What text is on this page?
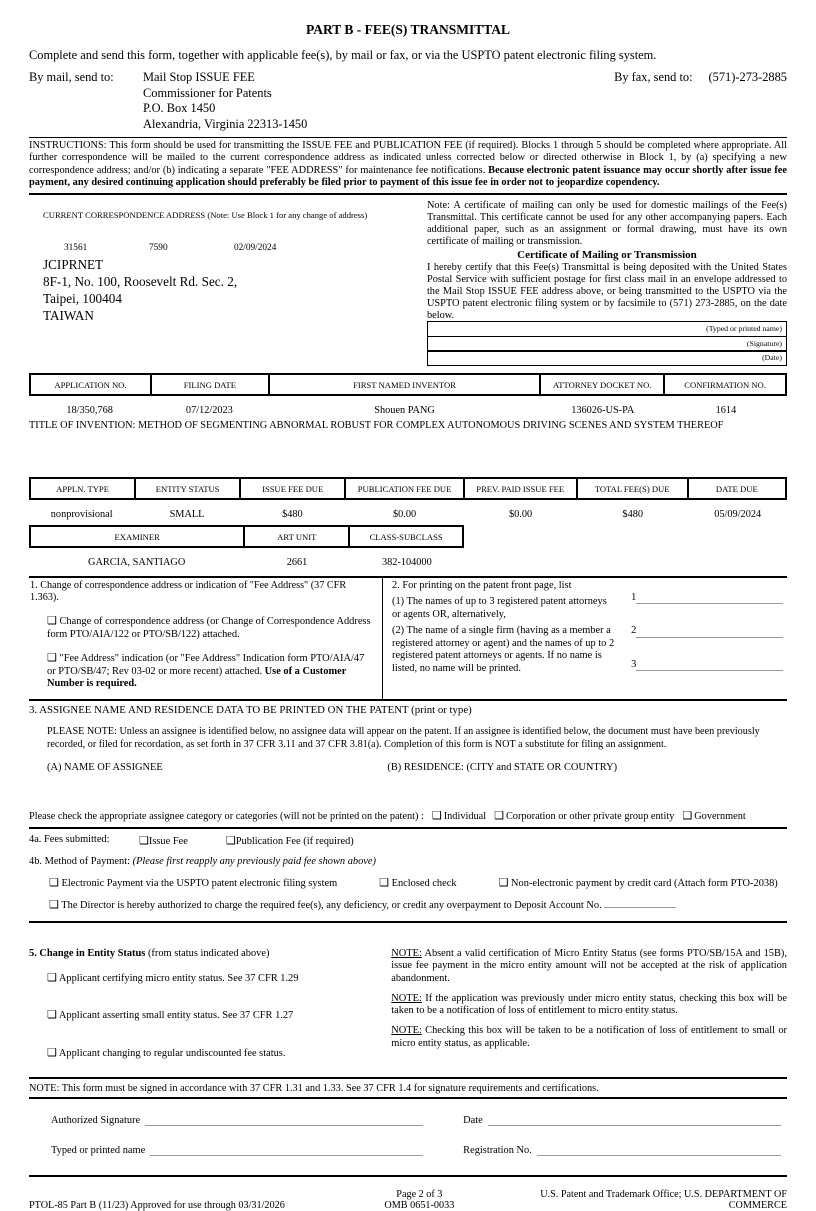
PART B - FEE(S) TRANSMITTAL
Complete and send this form, together with applicable fee(s), by mail or fax, or via the USPTO patent electronic filing system.
By mail, send to:	Mail Stop ISSUE FEE
Commissioner for Patents
P.O. Box 1450
Alexandria, Virginia 22313-1450
By fax, send to: (571)-273-2885
INSTRUCTIONS: This form should be used for transmitting the ISSUE FEE and PUBLICATION FEE (if required). Blocks 1 through 5 should be completed where appropriate. All further correspondence will be mailed to the current correspondence address as indicated unless corrected below or directed otherwise in Block 1, by (a) specifying a new correspondence address; and/or (b) indicating a separate "FEE ADDRESS" for maintenance fee notifications. Because electronic patent issuance may occur shortly after issue fee payment, any desired continuing application should preferably be filed prior to payment of this issue fee in order not to jeopardize copendency.
CURRENT CORRESPONDENCE ADDRESS (Note: Use Block 1 for any change of address)
31561	7590	02/09/2024
JCIPRNET
8F-1, No. 100, Roosevelt Rd. Sec. 2,
Taipei, 100404
TAIWAN
Note: A certificate of mailing can only be used for domestic mailings of the Fee(s) Transmittal. This certificate cannot be used for any other accompanying papers. Each additional paper, such as an assignment or formal drawing, must have its own certificate of mailing or transmission.
Certificate of Mailing or Transmission
I hereby certify that this Fee(s) Transmittal is being deposited with the United States Postal Service with sufficient postage for first class mail in an envelope addressed to the Mail Stop ISSUE FEE address above, or being transmitted to the USPTO via the USPTO patent electronic filing system or by facsimile to (571) 273-2885, on the date below.
(Typed or printed name)
(Signature)
(Date)
APPLICATION NO.	FILING DATE	FIRST NAMED INVENTOR	ATTORNEY DOCKET NO.	CONFIRMATION NO.
18/350,768	07/12/2023	Shouen PANG	136026-US-PA	1614
TITLE OF INVENTION: METHOD OF SEGMENTING ABNORMAL ROBUST FOR COMPLEX AUTONOMOUS DRIVING SCENES AND SYSTEM THEREOF
APPLN. TYPE	ENTITY STATUS	ISSUE FEE DUE	PUBLICATION FEE DUE	PREV. PAID ISSUE FEE	TOTAL FEE(S) DUE	DATE DUE
nonprovisional	SMALL	$480	$0.00	$0.00	$480	05/09/2024
EXAMINER	ART UNIT	CLASS-SUBCLASS
GARCIA, SANTIAGO	2661	382-104000
1. Change of correspondence address or indication of "Fee Address" (37 CFR 1.363).
❑ Change of correspondence address (or Change of Correspondence Address form PTO/AIA/122 or PTO/SB/122) attached.
❑ "Fee Address" indication (or "Fee Address" Indication form PTO/AIA/47 or PTO/SB/47; Rev 03-02 or more recent) attached. Use of a Customer Number is required.
2. For printing on the patent front page, list

(1) The names of up to 3 registered patent attorneys or agents OR, alternatively,

(2) The name of a single firm (having as a member a registered attorney or agent) and the names of up to 2 registered patent attorneys or agents. If no name is listed, no name will be printed.

1
2
3
3. ASSIGNEE NAME AND RESIDENCE DATA TO BE PRINTED ON THE PATENT (print or type)
PLEASE NOTE: Unless an assignee is identified below, no assignee data will appear on the patent. If an assignee is identified below, the document must have been previously recorded, or filed for recordation, as set forth in 37 CFR 3.11 and 37 CFR 3.81(a). Completion of this form is NOT a substitute for filing an assignment.
(A) NAME OF ASSIGNEE	(B) RESIDENCE: (CITY and STATE OR COUNTRY)
Please check the appropriate assignee category or categories (will not be printed on the patent) : ❑ Individual ❑ Corporation or other private group entity ❑ Government
4a. Fees submitted:	❑Issue Fee	❑Publication Fee (if required)
4b. Method of Payment: (Please first reapply any previously paid fee shown above)
❑ Electronic Payment via the USPTO patent electronic filing system	❑ Enclosed check	❑ Non-electronic payment by credit card (Attach form PTO-2038)
❑ The Director is hereby authorized to charge the required fee(s), any deficiency, or credit any overpayment to Deposit Account No.
5. Change in Entity Status (from status indicated above)
❑ Applicant certifying micro entity status. See 37 CFR 1.29
❑ Applicant asserting small entity status. See 37 CFR 1.27
❑ Applicant changing to regular undiscounted fee status.
NOTE: Absent a valid certification of Micro Entity Status (see forms PTO/SB/15A and 15B), issue fee payment in the micro entity amount will not be accepted at the risk of application abandonment.
NOTE: If the application was previously under micro entity status, checking this box will be taken to be a notification of loss of entitlement to micro entity status.
NOTE: Checking this box will be taken to be a notification of loss of entitlement to small or micro entity status, as applicable.
NOTE: This form must be signed in accordance with 37 CFR 1.31 and 1.33. See 37 CFR 1.4 for signature requirements and certifications.
Authorized Signature	Date
Typed or printed name	Registration No.
PTOL-85 Part B (11/23) Approved for use through 03/31/2026
Page 2 of 3
OMB 0651-0033
U.S. Patent and Trademark Office; U.S. DEPARTMENT OF COMMERCE
